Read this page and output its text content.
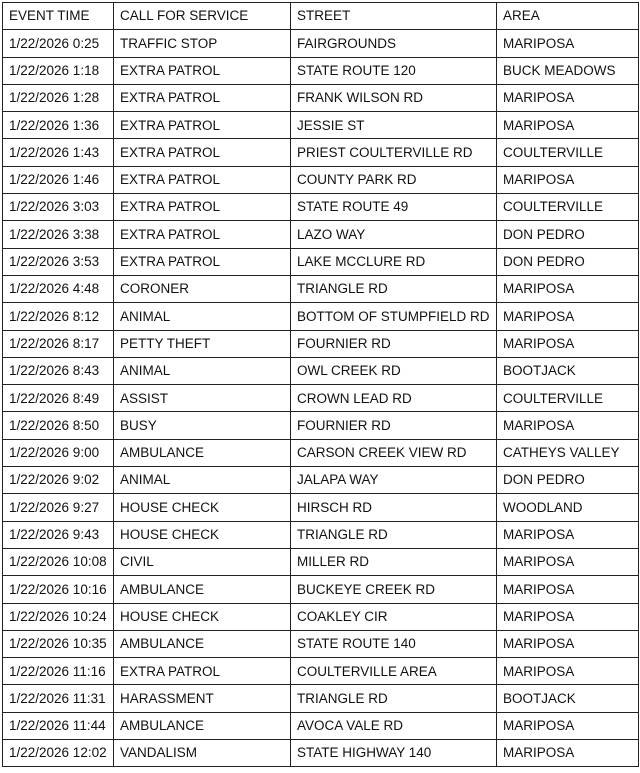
EVENT TIME	CALL FOR SERVICE	STREET	AREA
1/22/2026 0:25	TRAFFIC STOP	FAIRGROUNDS	MARIPOSA
1/22/2026 1:18	EXTRA PATROL	STATE ROUTE 120	BUCK MEADOWS
1/22/2026 1:28	EXTRA PATROL	FRANK WILSON RD	MARIPOSA
1/22/2026 1:36	EXTRA PATROL	JESSIE ST	MARIPOSA
1/22/2026 1:43	EXTRA PATROL	PRIEST COULTERVILLE RD	COULTERVILLE
1/22/2026 1:46	EXTRA PATROL	COUNTY PARK RD	MARIPOSA
1/22/2026 3:03	EXTRA PATROL	STATE ROUTE 49	COULTERVILLE
1/22/2026 3:38	EXTRA PATROL	LAZO WAY	DON PEDRO
1/22/2026 3:53	EXTRA PATROL	LAKE MCCLURE RD	DON PEDRO
1/22/2026 4:48	CORONER	TRIANGLE RD	MARIPOSA
1/22/2026 8:12	ANIMAL	BOTTOM OF STUMPFIELD RD	MARIPOSA
1/22/2026 8:17	PETTY THEFT	FOURNIER RD	MARIPOSA
1/22/2026 8:43	ANIMAL	OWL CREEK RD	BOOTJACK
1/22/2026 8:49	ASSIST	CROWN LEAD RD	COULTERVILLE
1/22/2026 8:50	BUSY	FOURNIER RD	MARIPOSA
1/22/2026 9:00	AMBULANCE	CARSON CREEK VIEW RD	CATHEYS VALLEY
1/22/2026 9:02	ANIMAL	JALAPA WAY	DON PEDRO
1/22/2026 9:27	HOUSE CHECK	HIRSCH RD	WOODLAND
1/22/2026 9:43	HOUSE CHECK	TRIANGLE RD	MARIPOSA
1/22/2026 10:08	CIVIL	MILLER RD	MARIPOSA
1/22/2026 10:16	AMBULANCE	BUCKEYE CREEK RD	MARIPOSA
1/22/2026 10:24	HOUSE CHECK	COAKLEY CIR	MARIPOSA
1/22/2026 10:35	AMBULANCE	STATE ROUTE 140	MARIPOSA
1/22/2026 11:16	EXTRA PATROL	COULTERVILLE AREA	MARIPOSA
1/22/2026 11:31	HARASSMENT	TRIANGLE RD	BOOTJACK
1/22/2026 11:44	AMBULANCE	AVOCA VALE RD	MARIPOSA
1/22/2026 12:02	VANDALISM	STATE HIGHWAY 140	MARIPOSA
